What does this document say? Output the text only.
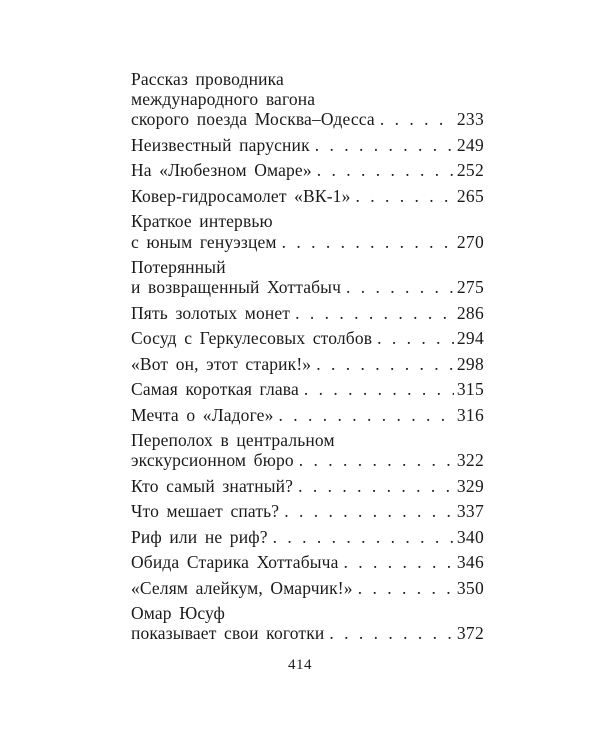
Рассказ проводника
международного вагона
скорого поезда Москва–Одесса . . .	233
Неизвестный парусник . . .	249
На «Любезном Омаре» . . .	252
Ковер-гидросамолет «ВК-1» . . .	265
Краткое интервью
с юным генуэзцем . . .	270
Потерянный
и возвращенный Хоттабыч . . .	275
Пять золотых монет . . .	286
Сосуд с Геркулесовых столбов . . .	294
«Вот он, этот старик!» . . .	298
Самая короткая глава . . .	315
Мечта о «Ладоге» . . .	316
Переполох в центральном
экскурсионном бюро . . .	322
Кто самый знатный? . . .	329
Что мешает спать? . . .	337
Риф или не риф? . . .	340
Обида Старика Хоттабыча . . .	346
«Селям алейкум, Омарчик!» . . .	350
Омар Юсуф
показывает свои коготки . . .	372
414
